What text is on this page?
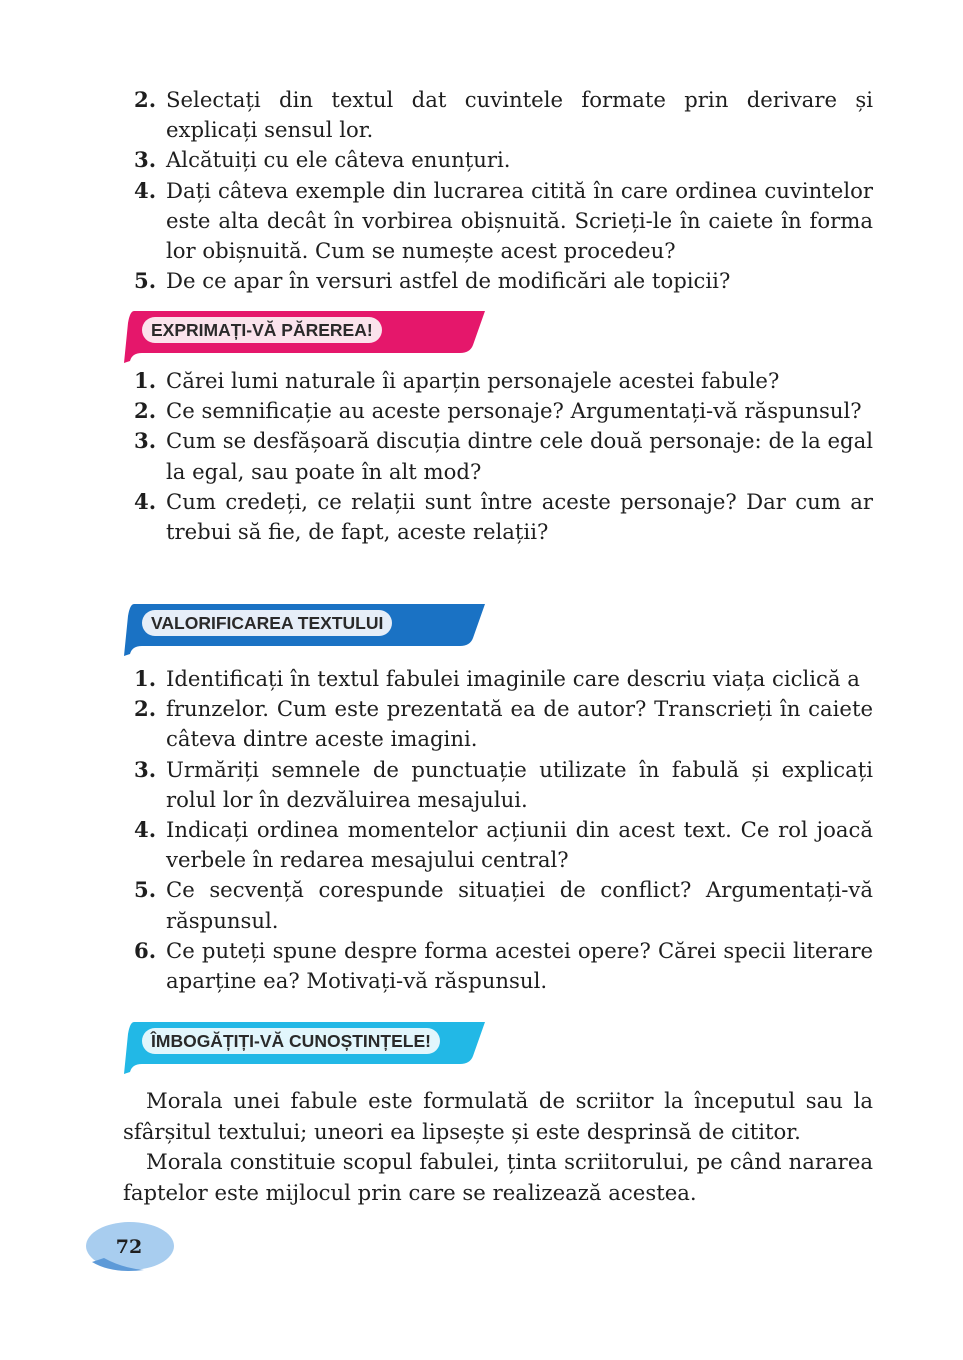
2. Selectați din textul dat cuvintele formate prin derivare și explicați sensul lor.
3. Alcătuiți cu ele câteva enunțuri.
4. Dați câteva exemple din lucrarea citită în care ordinea cuvintelor este alta decât în vorbirea obișnuită. Scrieți-le în caiete în forma lor obișnuită. Cum se numește acest procedeu?
5. De ce apar în versuri astfel de modificări ale topicii?
EXPRIMAȚI-VĂ PĂREREA!
1. Cărei lumi naturale îi aparțin personajele acestei fabule?
2. Ce semnificație au aceste personaje? Argumentați-vă răspunsul?
3. Cum se desfășoară discuția dintre cele două personaje: de la egal la egal, sau poate în alt mod?
4. Cum credeți, ce relații sunt între aceste personaje? Dar cum ar trebui să fie, de fapt, aceste relații?
VALORIFICAREA TEXTULUI
1. Identificați în textul fabulei imaginile care descriu viața ciclică a
2. frunzelor. Cum este prezentată ea de autor? Transcrieți în caiete câteva dintre aceste imagini.
3. Urmăriți semnele de punctuație utilizate în fabulă și explicați rolul lor în dezvăluirea mesajului.
4. Indicați ordinea momentelor acțiunii din acest text. Ce rol joacă verbele în redarea mesajului central?
5. Ce secvență corespunde situației de conflict? Argumentați-vă răspunsul.
6. Ce puteți spune despre forma acestei opere? Cărei specii literare aparține ea? Motivați-vă răspunsul.
ÎMBOGĂȚIȚI-VĂ CUNOȘTINȚELE!

Morala unei fabule este formulată de scriitor la începutul sau la sfârșitul textului; uneori ea lipsește și este desprinsă de cititor.

Morala constituie scopul fabulei, ținta scriitorului, pe când nararea faptelor este mijlocul prin care se realizează acestea.

72
